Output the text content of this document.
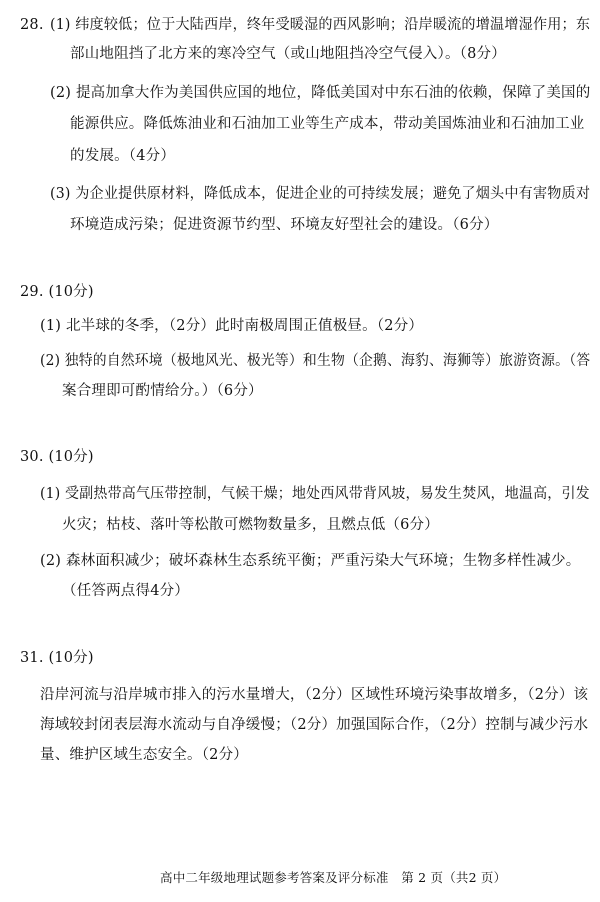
28. (1) 纬度较低；位于大陆西岸，终年受暖湿的西风影响；沿岸暖流的增温增湿作用；东
部山地阻挡了北方来的寒冷空气（或山地阻挡冷空气侵入）。（8分）
(2) 提高加拿大作为美国供应国的地位，降低美国对中东石油的依赖，保障了美国的
能源供应。降低炼油业和石油加工业等生产成本，带动美国炼油业和石油加工业
的发展。（4分）
(3) 为企业提供原材料，降低成本，促进企业的可持续发展；避免了烟头中有害物质对
环境造成污染；促进资源节约型、环境友好型社会的建设。（6分）
29. (10分)
(1) 北半球的冬季，（2分）此时南极周围正值极昼。（2分）
(2) 独特的自然环境（极地风光、极光等）和生物（企鹅、海豹、海狮等）旅游资源。（答
案合理即可酌情给分。）（6分）
30. (10分)
(1) 受副热带高气压带控制，气候干燥；地处西风带背风坡，易发生焚风，地温高，引发
火灾；枯枝、落叶等松散可燃物数量多，且燃点低（6分）
(2) 森林面积减少；破坏森林生态系统平衡；严重污染大气环境；生物多样性减少。
（任答两点得4分）
31. (10分)
沿岸河流与沿岸城市排入的污水量增大，（2分）区域性环境污染事故增多，（2分）该
海域较封闭表层海水流动与自净缓慢；（2分）加强国际合作，（2分）控制与减少污水
量、维护区域生态安全。（2分）
高中二年级地理试题参考答案及评分标准　第 2 页（共2 页）
